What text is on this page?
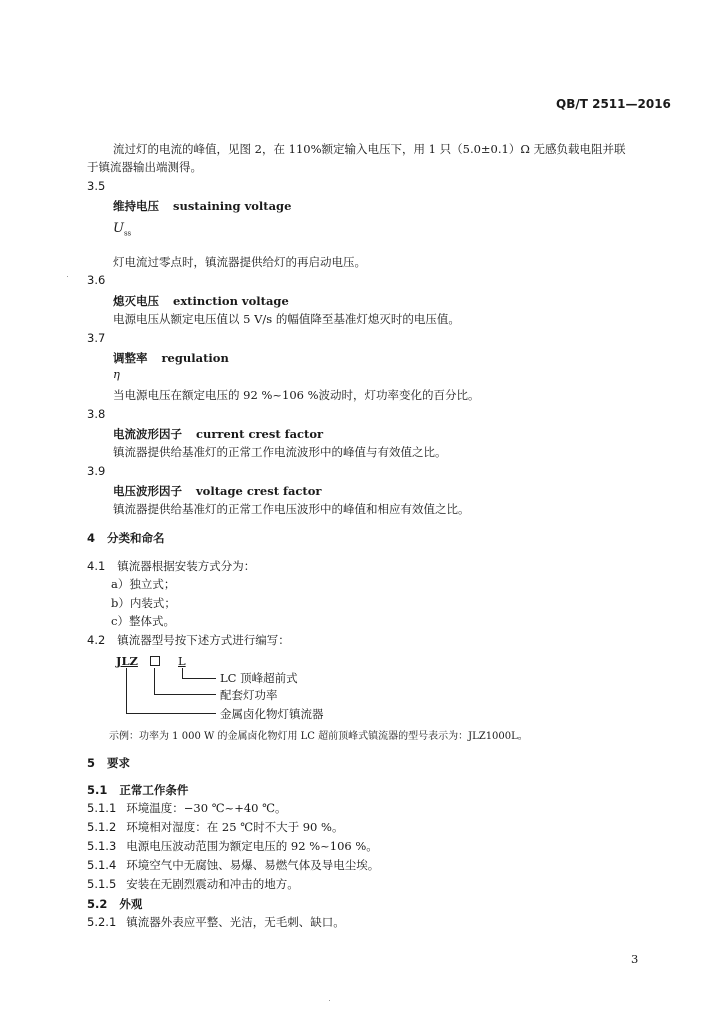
QB/T 2511—2016
流过灯的电流的峰值，见图 2，在 110%额定输入电压下，用 1 只（5.0±0.1）Ω 无感负载电阻并联
于镇流器输出端测得。
3.5
维持电压 sustaining voltage
$U_{ss}$
灯电流过零点时，镇流器提供给灯的再启动电压。
3.6
熄灭电压 extinction voltage
电源电压从额定电压值以 5 V/s 的幅值降至基准灯熄灭时的电压值。
3.7
调整率 regulation
η
当电源电压在额定电压的 92 %~106 %波动时，灯功率变化的百分比。
3.8
电流波形因子 current crest factor
镇流器提供给基准灯的正常工作电流波形中的峰值与有效值之比。
3.9
电压波形因子 voltage crest factor
镇流器提供给基准灯的正常工作电压波形中的峰值和相应有效值之比。
4 分类和命名
4.1 镇流器根据安装方式分为：
a）独立式；
b）内装式；
c）整体式。
4.2 镇流器型号按下述方式进行编写：
JLZ	L
LC 顶峰超前式
配套灯功率
金属卤化物灯镇流器
示例：功率为 1 000 W 的金属卤化物灯用 LC 超前顶峰式镇流器的型号表示为：JLZ1000L。
5 要求
5.1 正常工作条件
5.1.1 环境温度：−30 ℃~+40 ℃。
5.1.2 环境相对湿度：在 25 ℃时不大于 90 %。
5.1.3 电源电压波动范围为额定电压的 92 %~106 %。
5.1.4 环境空气中无腐蚀、易爆、易燃气体及导电尘埃。
5.1.5 安装在无剧烈震动和冲击的地方。
5.2 外观
5.2.1 镇流器外表应平整、光洁，无毛刺、缺口。
3
